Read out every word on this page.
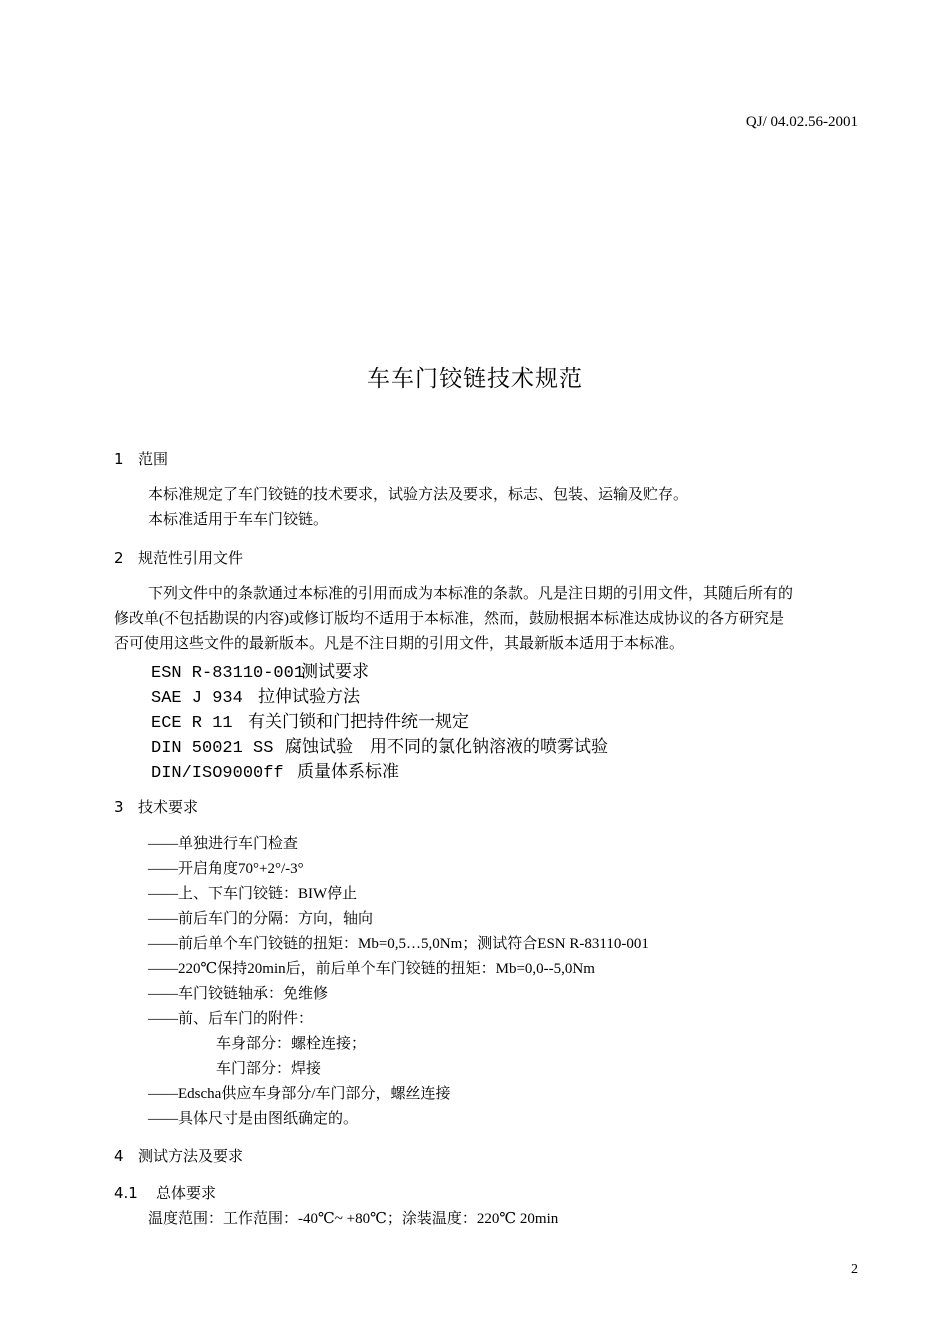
QJ/ 04.02.56-2001
车车门铰链技术规范
1 范围
本标准规定了车门铰链的技术要求，试验方法及要求，标志、包装、运输及贮存。
本标准适用于车车门铰链。
2 规范性引用文件
下列文件中的条款通过本标准的引用而成为本标准的条款。凡是注日期的引用文件，其随后所有的
修改单(不包括勘误的内容)或修订版均不适用于本标准，然而，鼓励根据本标准达成协议的各方研究是
否可使用这些文件的最新版本。凡是不注日期的引用文件，其最新版本适用于本标准。
ESN R-83110-001测试要求
SAE J 934 拉伸试验方法
ECE R 11 有关门锁和门把持件统一规定
DIN 50021 SS 腐蚀试验　用不同的氯化钠溶液的喷雾试验
DIN/ISO9000ff 质量体系标准
3 技术要求
——单独进行车门检查
——开启角度70°+2°/-3°
——上、下车门铰链：BIW停止
——前后车门的分隔：方向，轴向
——前后单个车门铰链的扭矩：Mb=0,5…5,0Nm；测试符合ESN R-83110-001
——220℃保持20min后，前后单个车门铰链的扭矩：Mb=0,0--5,0Nm
——车门铰链轴承：免维修
——前、后车门的附件：
车身部分：螺栓连接；
车门部分：焊接
——Edscha供应车身部分/车门部分，螺丝连接
——具体尺寸是由图纸确定的。
4 测试方法及要求
4.1 总体要求
温度范围：工作范围：-40℃~ +80℃；涂装温度：220℃ 20min
2
